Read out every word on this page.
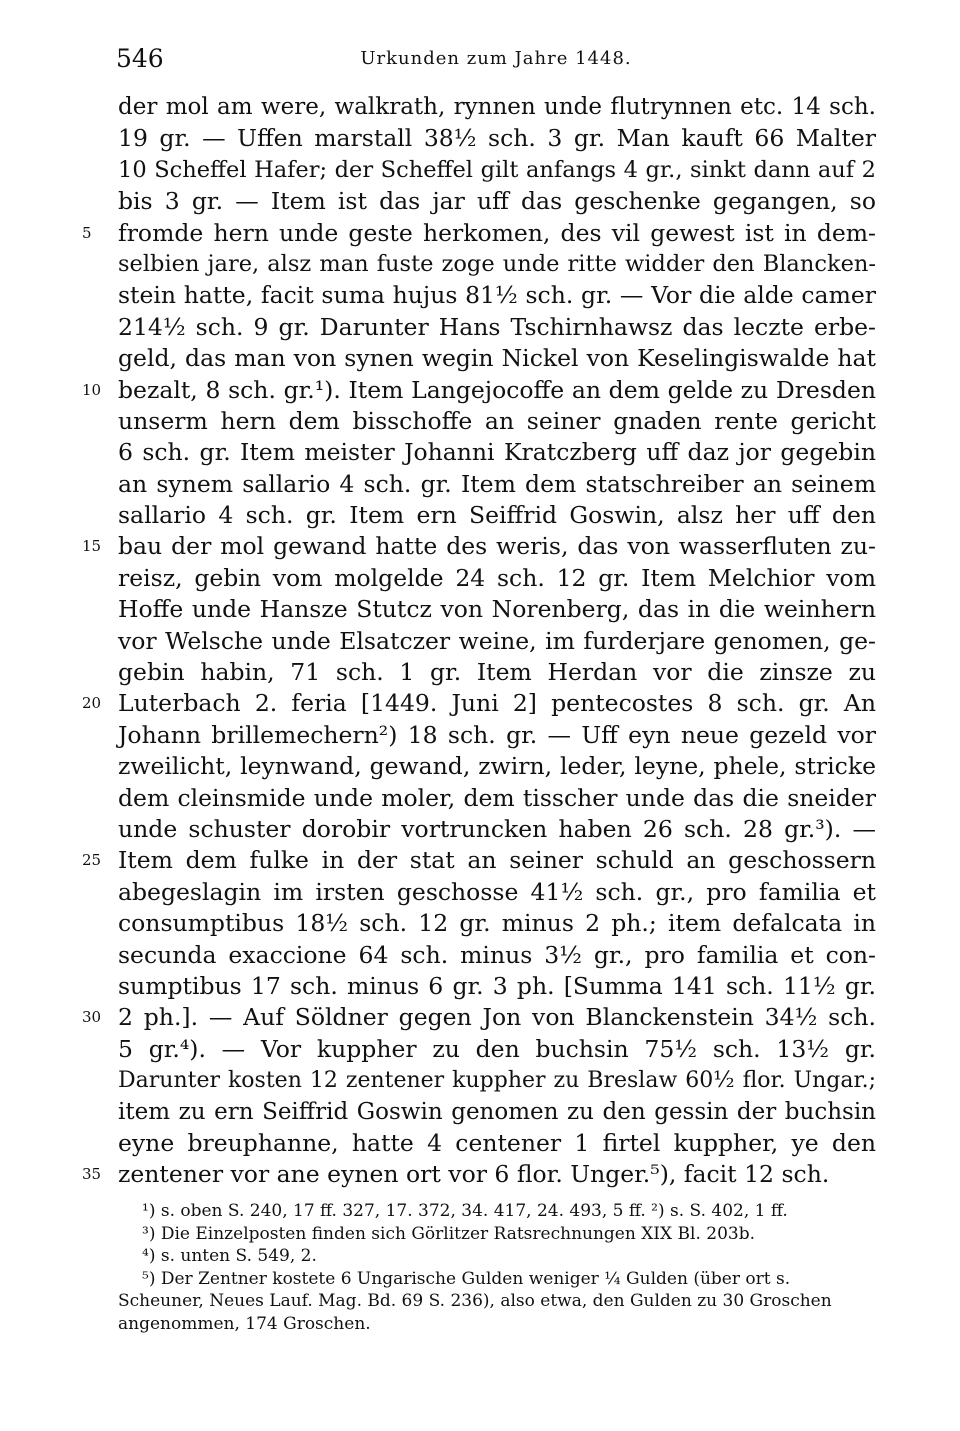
546	Urkunden zum Jahre 1448.
der mol am were, walkrath, rynnen unde flutrynnen etc. 14 sch.
19 gr. — Uffen marstall 38½ sch. 3 gr. Man kauft 66 Malter
10 Scheffel Hafer; der Scheffel gilt anfangs 4 gr., sinkt dann auf 2
bis 3 gr. — Item ist das jar uff das geschenke gegangen, so
5	fromde hern unde geste herkomen, des vil gewest ist in dem-
selbien jare, alsz man fuste zoge unde ritte widder den Blancken-
stein hatte, facit suma hujus 81½ sch. gr. — Vor die alde camer
214½ sch. 9 gr. Darunter Hans Tschirnhawsz das leczte erbe-
geld, das man von synen wegin Nickel von Keselingiswalde hat
10 bezalt, 8 sch. gr.¹). Item Langejocoffe an dem gelde zu Dresden
unserm hern dem bisschoffe an seiner gnaden rente gericht
6 sch. gr. Item meister Johanni Kratczberg uff daz jor gegebin
an synem sallario 4 sch. gr. Item dem statschreiber an seinem
sallario 4 sch. gr. Item ern Seiffrid Goswin, alsz her uff den
15 bau der mol gewand hatte des weris, das von wasserfluten zu-
reisz, gebin vom molgelde 24 sch. 12 gr. Item Melchior vom
Hoffe unde Hansze Stutcz von Norenberg, das in die weinhern
vor Welsche unde Elsatczer weine, im furderjare genomen, ge-
gebin habin, 71 sch. 1 gr. Item Herdan vor die zinsze zu
20 Luterbach 2. feria [1449. Juni 2] pentecostes 8 sch. gr. An
Johann brillemechern²) 18 sch. gr. — Uff eyn neue gezeld vor
zweilicht, leynwand, gewand, zwirn, leder, leyne, phele, stricke
dem cleinsmide unde moler, dem tisscher unde das die sneider
unde schuster dorobir vortruncken haben 26 sch. 28 gr.³). —
25 Item dem fulke in der stat an seiner schuld an geschossern
abegeslagin im irsten geschosse 41½ sch. gr., pro familia et
consumptibus 18½ sch. 12 gr. minus 2 ph.; item defalcata in
secunda exaccione 64 sch. minus 3½ gr., pro familia et con-
sumptibus 17 sch. minus 6 gr. 3 ph. [Summa 141 sch. 11½ gr.
30 2 ph.]. — Auf Söldner gegen Jon von Blanckenstein 34½ sch.
5 gr.⁴). — Vor kuppher zu den buchsin 75½ sch. 13½ gr.
Darunter kosten 12 zentener kuppher zu Breslaw 60½ flor. Ungar.;
item zu ern Seiffrid Goswin genomen zu den gessin der buchsin
eyne breuphanne, hatte 4 centener 1 firtel kuppher, ye den
35 zentener vor ane eynen ort vor 6 flor. Unger.⁵), facit 12 sch.
¹) s. oben S. 240, 17 ff. 327, 17. 372, 34. 417, 24. 493, 5 ff. ²) s. S. 402, 1 ff.
³) Die Einzelposten finden sich Görlitzer Ratsrechnungen XIX Bl. 203b.
⁴) s. unten S. 549, 2.
⁵) Der Zentner kostete 6 Ungarische Gulden weniger ¼ Gulden (über ort s.
Scheuner, Neues Lauf. Mag. Bd. 69 S. 236), also etwa, den Gulden zu 30 Groschen
angenommen, 174 Groschen.
